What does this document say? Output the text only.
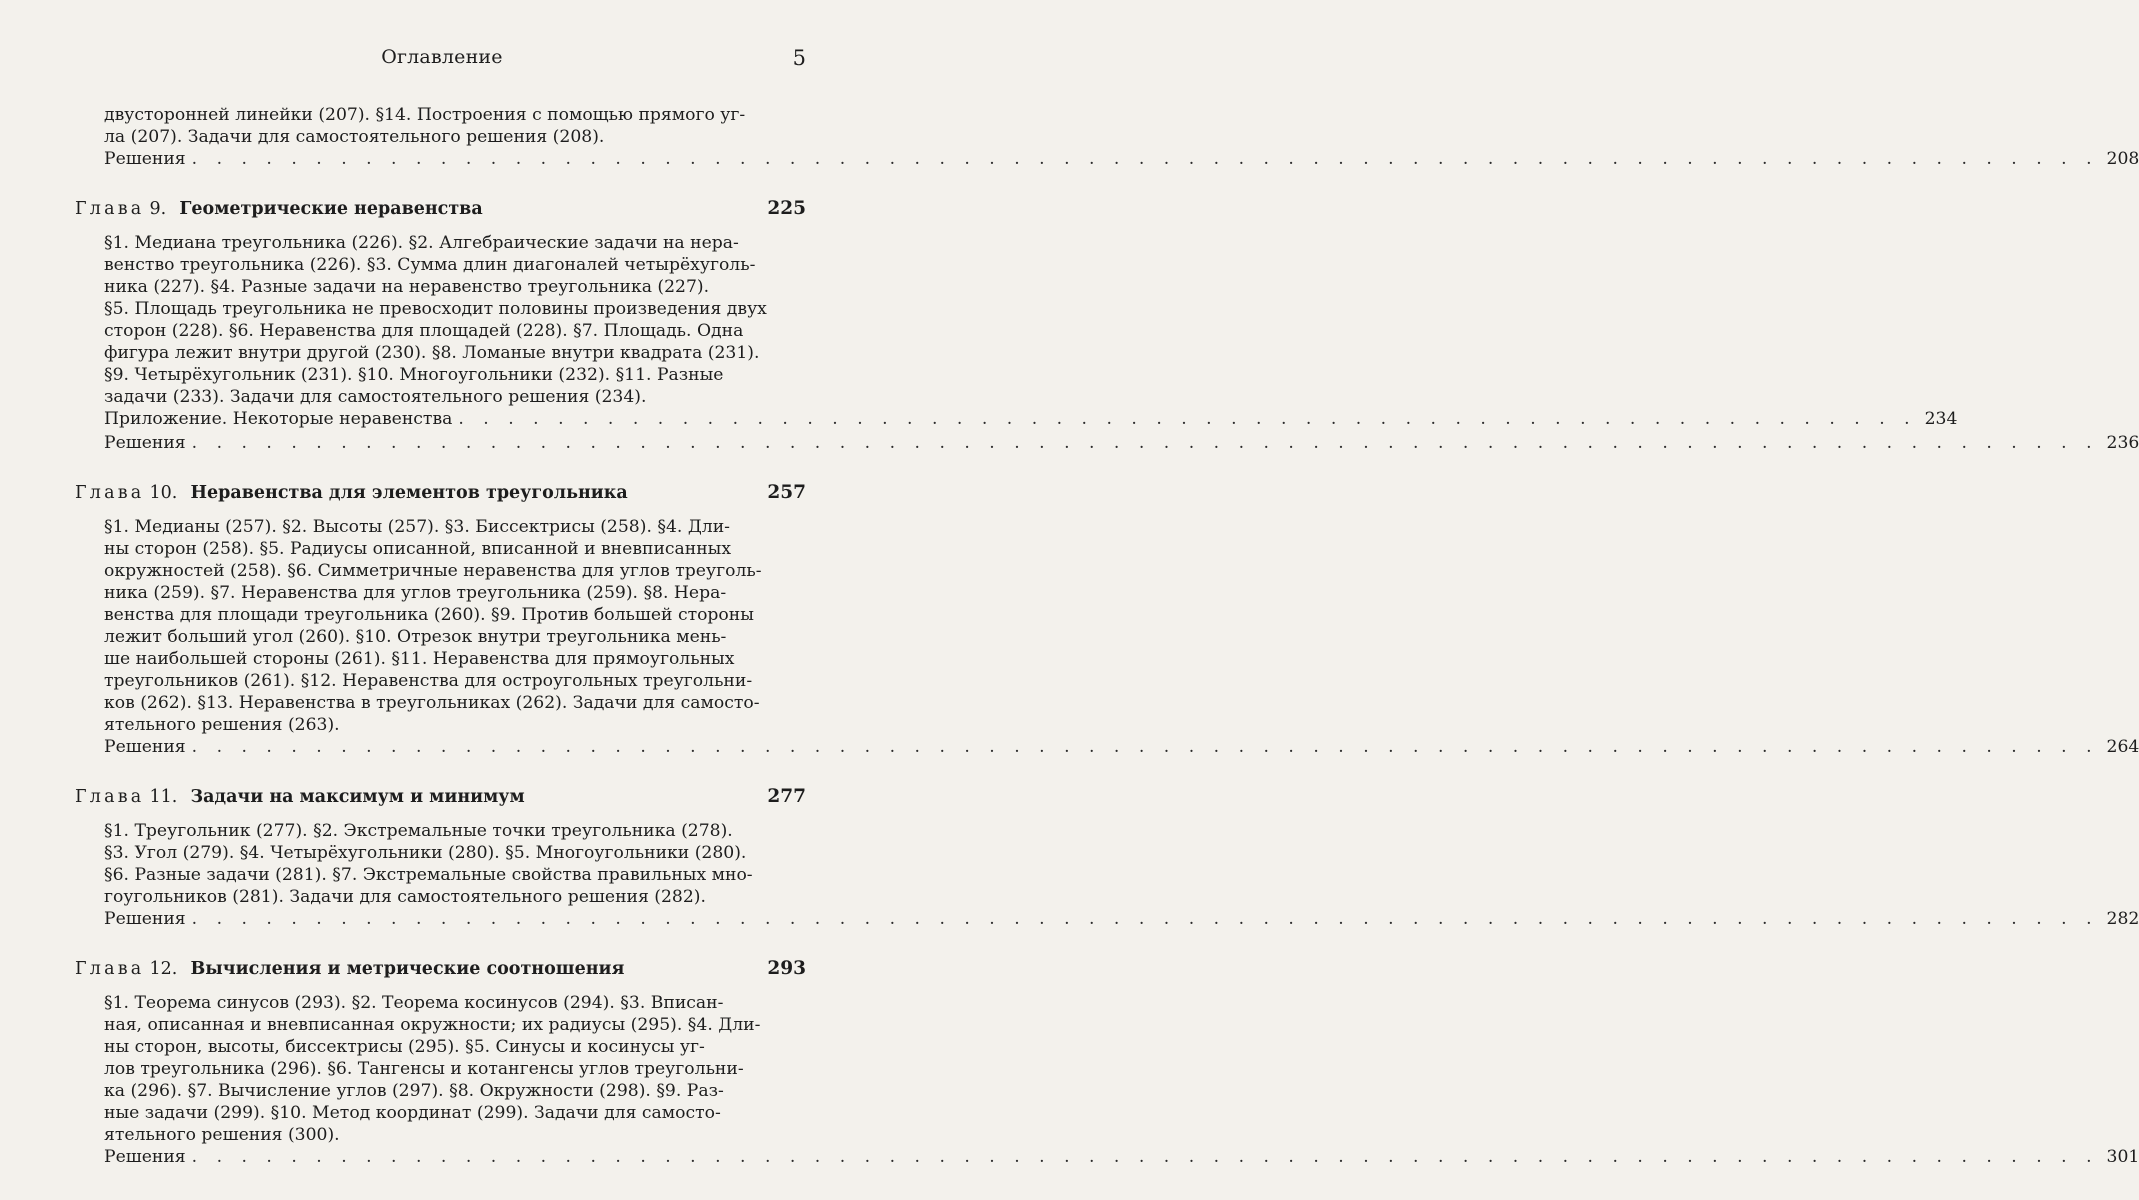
Оглавление	5
двусторонней линейки (207). §14. Построения с помощью прямого уг-
ла (207). Задачи для самостоятельного решения (208).
Решения . . . . . . . . . . . . . . . . . . . . . . . . . . . . . . . . . . . . . . . . . . . . . . . . . . . . . . . . . . . . . . . . . . . . . . . . . . . . . 208
Глава 9. Геометрические неравенства	225
§1. Медиана треугольника (226). §2. Алгебраические задачи на нера-
венство треугольника (226). §3. Сумма длин диагоналей четырёхуголь-
ника (227). §4. Разные задачи на неравенство треугольника (227).
§5. Площадь треугольника не превосходит половины произведения двух
сторон (228). §6. Неравенства для площадей (228). §7. Площадь. Одна
фигура лежит внутри другой (230). §8. Ломаные внутри квадрата (231).
§9. Четырёхугольник (231). §10. Многоугольники (232). §11. Разные
задачи (233). Задачи для самостоятельного решения (234).
Приложение. Некоторые неравенства . . . . . . . . . . . . . . . . . . . . . . . . . . . . . . . . . . . . . . . . . . . . . . . . . . . . . . . . . . . 234
Решения . . . . . . . . . . . . . . . . . . . . . . . . . . . . . . . . . . . . . . . . . . . . . . . . . . . . . . . . . . . . . . . . . . . . . . . . . . . . . 236
Глава 10. Неравенства для элементов треугольника	257
§1. Медианы (257). §2. Высоты (257). §3. Биссектрисы (258). §4. Дли-
ны сторон (258). §5. Радиусы описанной, вписанной и вневписанных
окружностей (258). §6. Симметричные неравенства для углов треуголь-
ника (259). §7. Неравенства для углов треугольника (259). §8. Нера-
венства для площади треугольника (260). §9. Против большей стороны
лежит больший угол (260). §10. Отрезок внутри треугольника мень-
ше наибольшей стороны (261). §11. Неравенства для прямоугольных
треугольников (261). §12. Неравенства для остроугольных треугольни-
ков (262). §13. Неравенства в треугольниках (262). Задачи для самосто-
ятельного решения (263).
Решения . . . . . . . . . . . . . . . . . . . . . . . . . . . . . . . . . . . . . . . . . . . . . . . . . . . . . . . . . . . . . . . . . . . . . . . . . . . . . 264
Глава 11. Задачи на максимум и минимум	277
§1. Треугольник (277). §2. Экстремальные точки треугольника (278).
§3. Угол (279). §4. Четырёхугольники (280). §5. Многоугольники (280).
§6. Разные задачи (281). §7. Экстремальные свойства правильных мно-
гоугольников (281). Задачи для самостоятельного решения (282).
Решения . . . . . . . . . . . . . . . . . . . . . . . . . . . . . . . . . . . . . . . . . . . . . . . . . . . . . . . . . . . . . . . . . . . . . . . . . . . . . 282
Глава 12. Вычисления и метрические соотношения	293
§1. Теорема синусов (293). §2. Теорема косинусов (294). §3. Вписан-
ная, описанная и вневписанная окружности; их радиусы (295). §4. Дли-
ны сторон, высоты, биссектрисы (295). §5. Синусы и косинусы уг-
лов треугольника (296). §6. Тангенсы и котангенсы углов треугольни-
ка (296). §7. Вычисление углов (297). §8. Окружности (298). §9. Раз-
ные задачи (299). §10. Метод координат (299). Задачи для самосто-
ятельного решения (300).
Решения . . . . . . . . . . . . . . . . . . . . . . . . . . . . . . . . . . . . . . . . . . . . . . . . . . . . . . . . . . . . . . . . . . . . . . . . . . . . . 301
